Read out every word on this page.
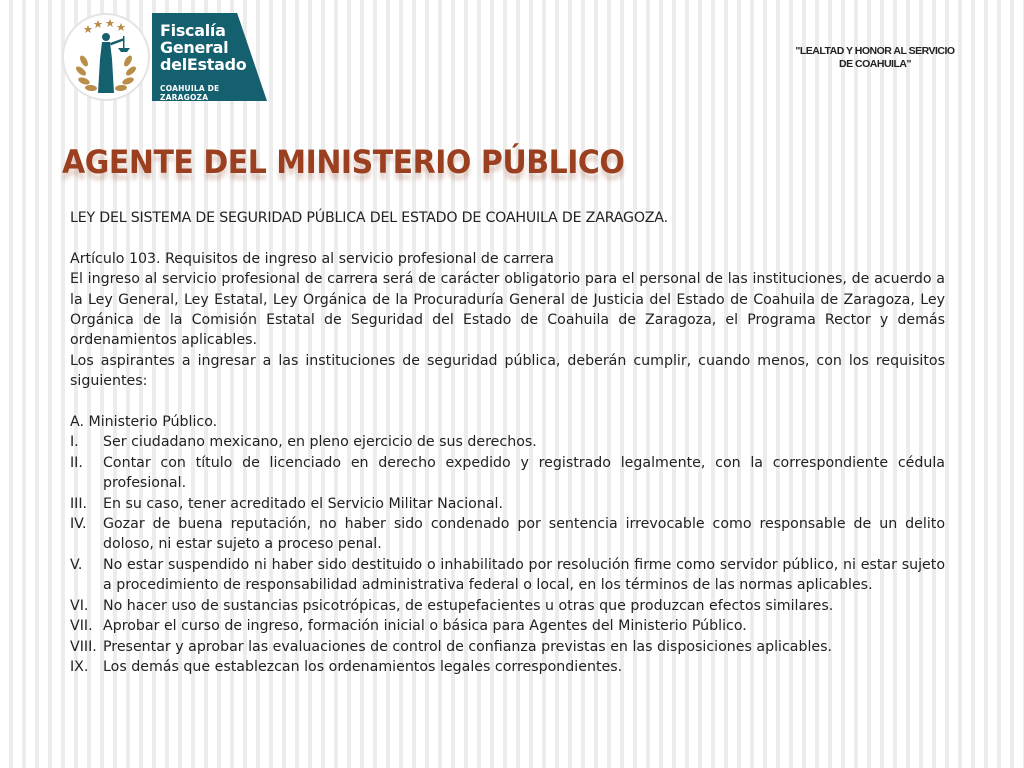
Fiscalía
General
delEstado
COAHUILA DE ZARAGOZA
"LEALTAD Y HONOR AL SERVICIO
DE COAHUILA"
AGENTE DEL MINISTERIO PÚBLICO

LEY DEL SISTEMA DE SEGURIDAD PÚBLICA DEL ESTADO DE COAHUILA DE ZARAGOZA.

Artículo 103. Requisitos de ingreso al servicio profesional de carrera

El ingreso al servicio profesional de carrera será de carácter obligatorio para el personal de las instituciones, de acuerdo a la Ley General, Ley Estatal, Ley Orgánica de la Procuraduría General de Justicia del Estado de Coahuila de Zaragoza, Ley Orgánica de la Comisión Estatal de Seguridad del Estado de Coahuila de Zaragoza, el Programa Rector y demás ordenamientos aplicables.

Los aspirantes a ingresar a las instituciones de seguridad pública, deberán cumplir, cuando menos, con los requisitos siguientes:

A. Ministerio Público.

I. Ser ciudadano mexicano, en pleno ejercicio de sus derechos.
II. Contar con título de licenciado en derecho expedido y registrado legalmente, con la correspondiente cédula profesional.
III. En su caso, tener acreditado el Servicio Militar Nacional.
IV. Gozar de buena reputación, no haber sido condenado por sentencia irrevocable como responsable de un delito doloso, ni estar sujeto a proceso penal.
V. No estar suspendido ni haber sido destituido o inhabilitado por resolución firme como servidor público, ni estar sujeto a procedimiento de responsabilidad administrativa federal o local, en los términos de las normas aplicables.
VI. No hacer uso de sustancias psicotrópicas, de estupefacientes u otras que produzcan efectos similares.
VII. Aprobar el curso de ingreso, formación inicial o básica para Agentes del Ministerio Público.
VIII. Presentar y aprobar las evaluaciones de control de confianza previstas en las disposiciones aplicables.
IX. Los demás que establezcan los ordenamientos legales correspondientes.
